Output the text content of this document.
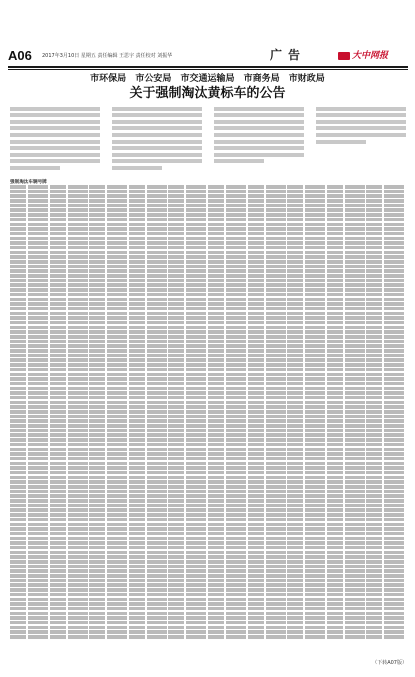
A06 2017年3月10日 星期五 责任编辑 王思宇 责任校对 刘振华	广告	大中网报
市环保局 市公安局 市交通运输局 市商务局 市财政局
关于强制淘汰黄标车的公告
强制淘汰车辆号牌
（下转A07版）
